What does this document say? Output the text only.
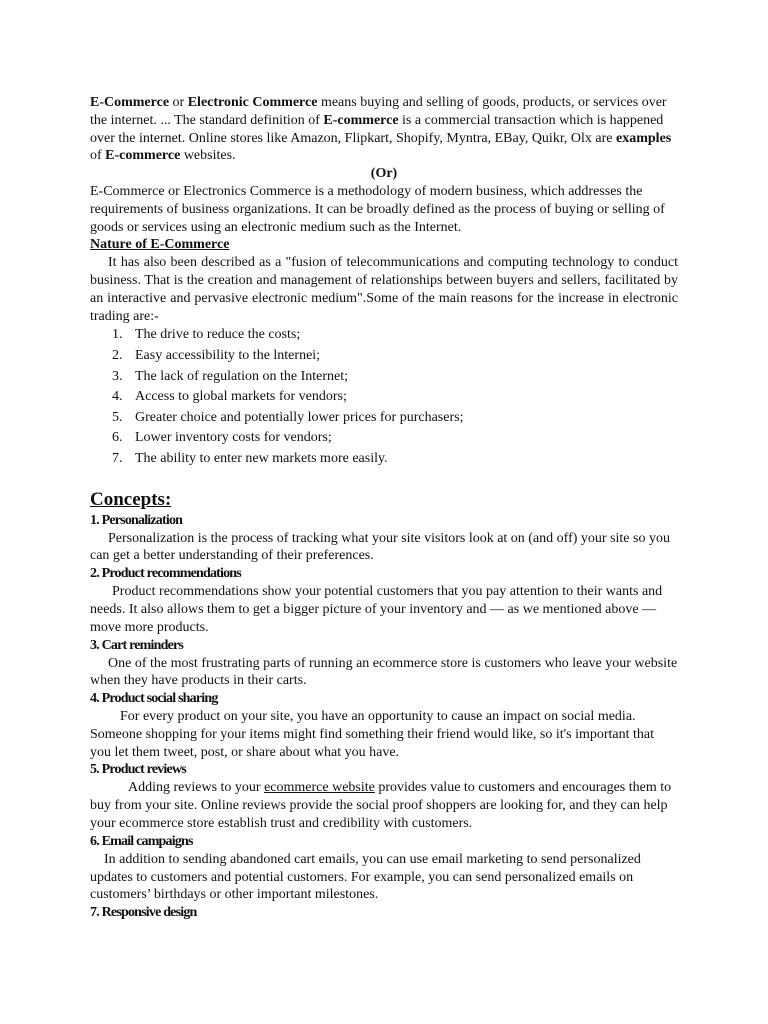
E-Commerce or Electronic Commerce means buying and selling of goods, products, or services over the internet. ... The standard definition of E-commerce is a commercial transaction which is happened over the internet. Online stores like Amazon, Flipkart, Shopify, Myntra, EBay, Quikr, Olx are examples of E-commerce websites.

(Or)

E-Commerce or Electronics Commerce is a methodology of modern business, which addresses the requirements of business organizations. It can be broadly defined as the process of buying or selling of goods or services using an electronic medium such as the Internet.

Nature of E-Commerce

It has also been described as a "fusion of telecommunications and computing technology to conduct business. That is the creation and management of relationships between buyers and sellers, facilitated by an interactive and pervasive electronic medium".Some of the main reasons for the increase in electronic trading are:-

1. The drive to reduce the costs;
2. Easy accessibility to the lnternei;
3. The lack of regulation on the Internet;
4. Access to global markets for vendors;
5. Greater choice and potentially lower prices for purchasers;
6. Lower inventory costs for vendors;
7. The ability to enter new markets more easily.

Concepts:

1. Personalization

Personalization is the process of tracking what your site visitors look at on (and off) your site so you can get a better understanding of their preferences.

2. Product recommendations

Product recommendations show your potential customers that you pay attention to their wants and needs. It also allows them to get a bigger picture of your inventory and — as we mentioned above — move more products.

3. Cart reminders

One of the most frustrating parts of running an ecommerce store is customers who leave your website when they have products in their carts.

4. Product social sharing

For every product on your site, you have an opportunity to cause an impact on social media. Someone shopping for your items might find something their friend would like, so it's important that you let them tweet, post, or share about what you have.

5. Product reviews

Adding reviews to your ecommerce website provides value to customers and encourages them to buy from your site. Online reviews provide the social proof shoppers are looking for, and they can help your ecommerce store establish trust and credibility with customers.

6. Email campaigns

In addition to sending abandoned cart emails, you can use email marketing to send personalized updates to customers and potential customers. For example, you can send personalized emails on customers’ birthdays or other important milestones.

7. Responsive design
